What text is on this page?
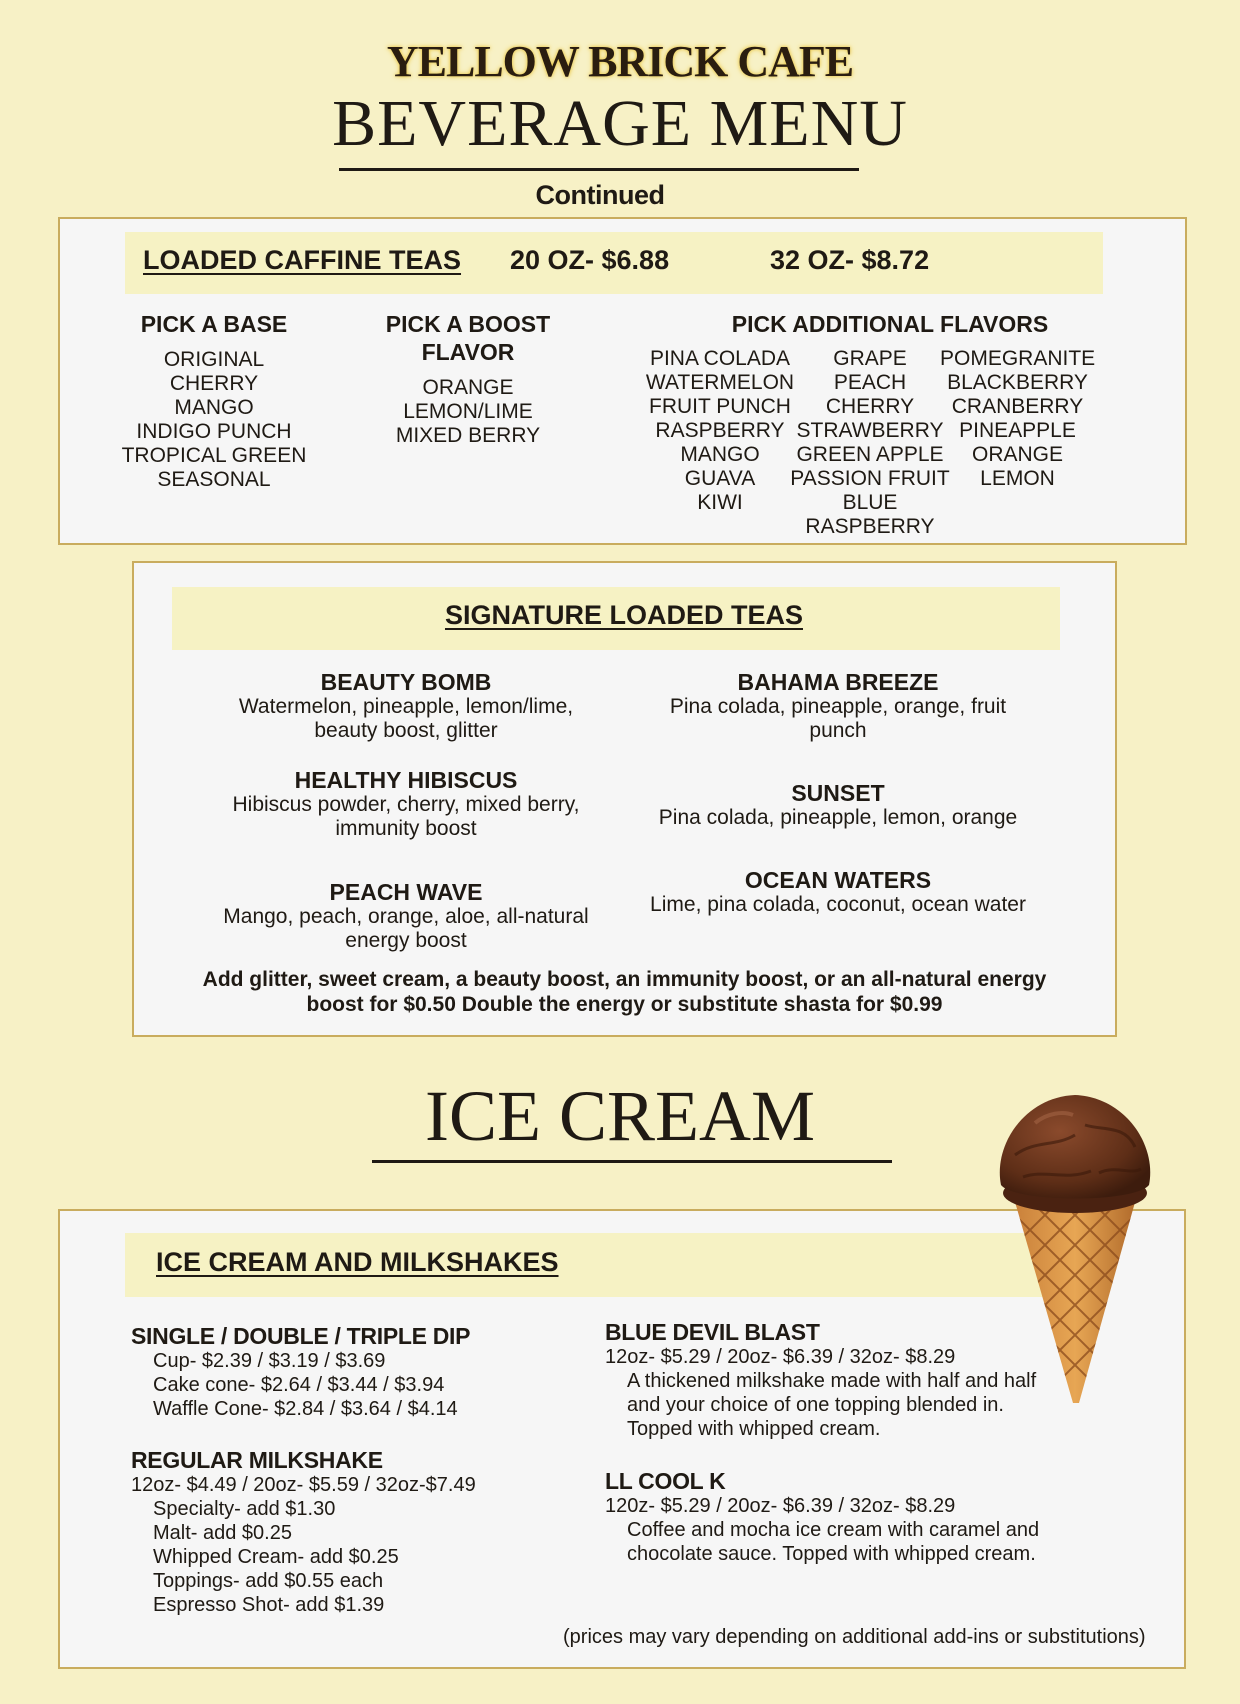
YELLOW BRICK CAFE
BEVERAGE MENU
Continued
LOADED CAFFINE TEAS 20 OZ- $6.88	32 OZ- $8.72
PICK A BASE
ORIGINAL
CHERRY
MANGO
INDIGO PUNCH
TROPICAL GREEN
SEASONAL
PICK A BOOST
FLAVOR
ORANGE
LEMON/LIME
MIXED BERRY
PICK ADDITIONAL FLAVORS
PINA COLADA
WATERMELON
FRUIT PUNCH
RASPBERRY
MANGO
GUAVA
KIWI
GRAPE
PEACH
CHERRY
STRAWBERRY
GREEN APPLE
PASSION FRUIT
BLUE RASPBERRY
POMEGRANITE
BLACKBERRY
CRANBERRY
PINEAPPLE
ORANGE
LEMON
SIGNATURE LOADED TEAS
BEAUTY BOMB
Watermelon, pineapple, lemon/lime,
beauty boost, glitter
BAHAMA BREEZE
Pina colada, pineapple, orange, fruit
punch
HEALTHY HIBISCUS
Hibiscus powder, cherry, mixed berry,
immunity boost
SUNSET
Pina colada, pineapple, lemon, orange
PEACH WAVE
Mango, peach, orange, aloe, all-natural
energy boost
OCEAN WATERS
Lime, pina colada, coconut, ocean water
Add glitter, sweet cream, a beauty boost, an immunity boost, or an all-natural energy
boost for $0.50 Double the energy or substitute shasta for $0.99
ICE CREAM
ICE CREAM AND MILKSHAKES
SINGLE / DOUBLE / TRIPLE DIP
Cup- $2.39 / $3.19 / $3.69
Cake cone- $2.64 / $3.44 / $3.94
Waffle Cone- $2.84 / $3.64 / $4.14
REGULAR MILKSHAKE
12oz- $4.49 / 20oz- $5.59 / 32oz-$7.49
Specialty- add $1.30
Malt- add $0.25
Whipped Cream- add $0.25
Toppings- add $0.55 each
Espresso Shot- add $1.39
BLUE DEVIL BLAST
12oz- $5.29 / 20oz- $6.39 / 32oz- $8.29
A thickened milkshake made with half and half
and your choice of one topping blended in.
Topped with whipped cream.
LL COOL K
120z- $5.29 / 20oz- $6.39 / 32oz- $8.29
Coffee and mocha ice cream with caramel and
chocolate sauce. Topped with whipped cream.
(prices may vary depending on additional add-ins or substitutions)
